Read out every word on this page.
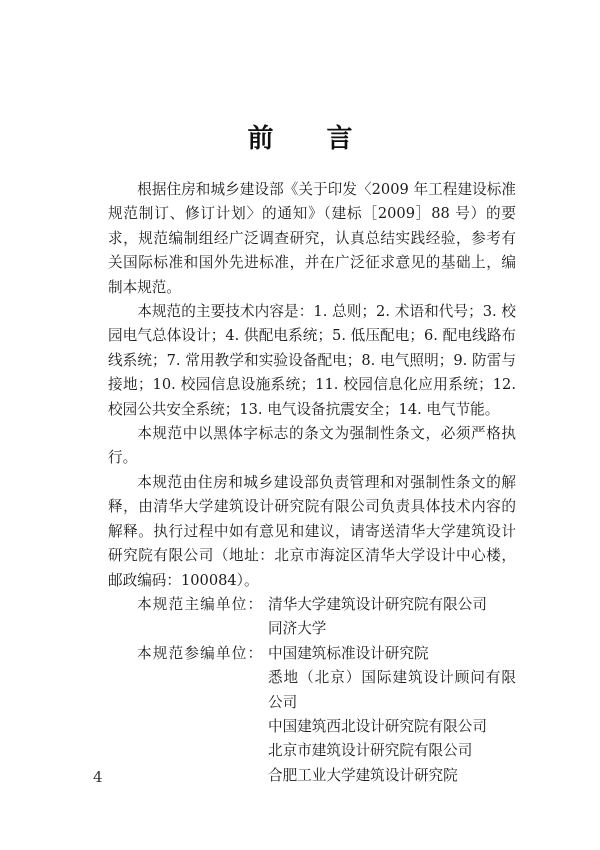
前 言

根据住房和城乡建设部《关于印发〈2009 年工程建设标准规范制订、修订计划〉的通知》（建标［2009］88 号）的要求，规范编制组经广泛调查研究，认真总结实践经验，参考有关国际标准和国外先进标准，并在广泛征求意见的基础上，编制本规范。

本规范的主要技术内容是：1. 总则；2. 术语和代号；3. 校园电气总体设计；4. 供配电系统；5. 低压配电；6. 配电线路布线系统；7. 常用教学和实验设备配电；8. 电气照明；9. 防雷与接地；10. 校园信息设施系统；11. 校园信息化应用系统；12. 校园公共安全系统；13. 电气设备抗震安全；14. 电气节能。

本规范中以黑体字标志的条文为强制性条文，必须严格执行。

本规范由住房和城乡建设部负责管理和对强制性条文的解释，由清华大学建筑设计研究院有限公司负责具体技术内容的解释。执行过程中如有意见和建议，请寄送清华大学建筑设计研究院有限公司（地址：北京市海淀区清华大学设计中心楼，邮政编码：100084）。

本规范主编单位： 清华大学建筑设计研究院有限公司
同济大学
本规范参编单位： 中国建筑标准设计研究院
悉地（北京）国际建筑设计顾问有限公司
中国建筑西北设计研究院有限公司
北京市建筑设计研究院有限公司
合肥工业大学建筑设计研究院
4
